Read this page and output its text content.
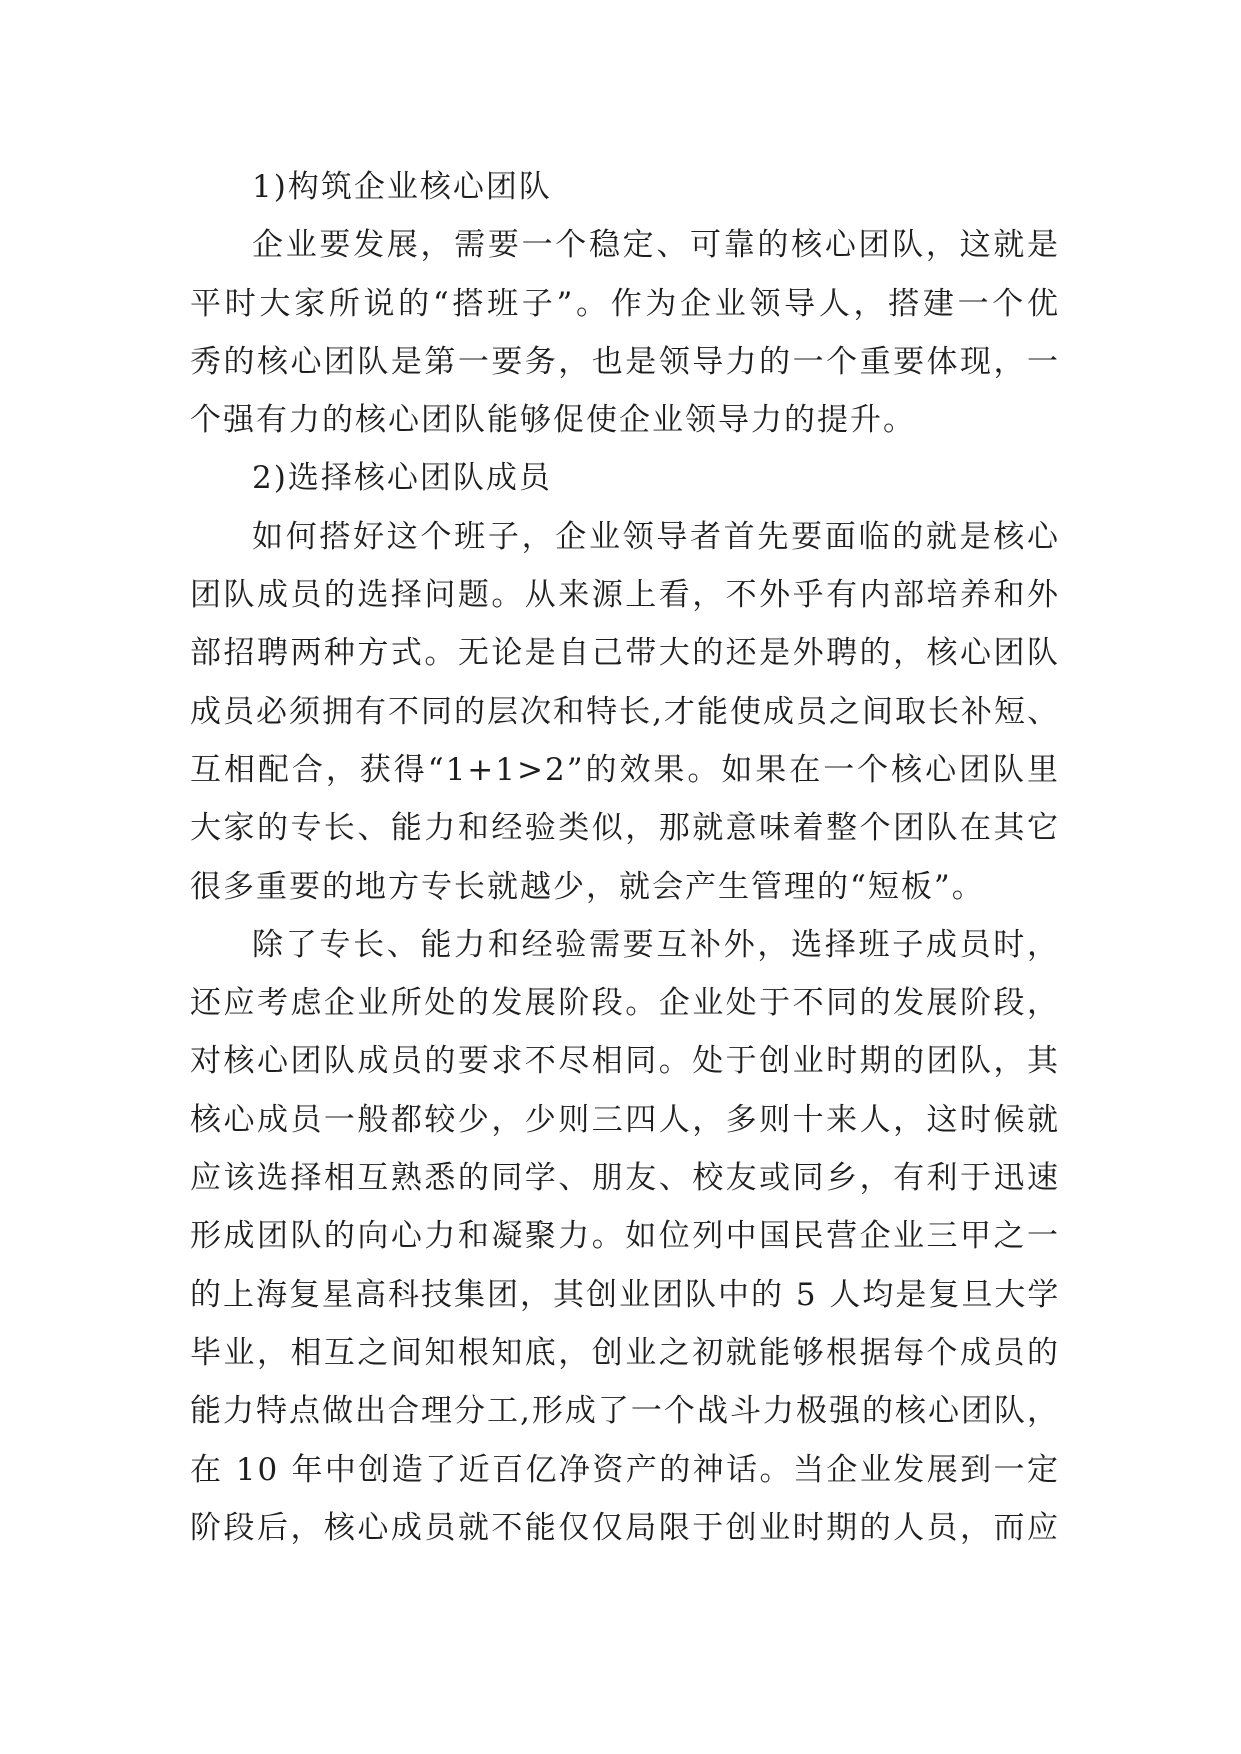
1)构筑企业核心团队
企业要发展，需要一个稳定、可靠的核心团队，这就是
平时大家所说的“搭班子”。作为企业领导人，搭建一个优
秀的核心团队是第一要务，也是领导力的一个重要体现，一
个强有力的核心团队能够促使企业领导力的提升。
2)选择核心团队成员
如何搭好这个班子，企业领导者首先要面临的就是核心
团队成员的选择问题。从来源上看，不外乎有内部培养和外
部招聘两种方式。无论是自己带大的还是外聘的，核心团队
成员必须拥有不同的层次和特长,才能使成员之间取长补短、
互相配合，获得“1+1>2”的效果。如果在一个核心团队里
大家的专长、能力和经验类似，那就意味着整个团队在其它
很多重要的地方专长就越少，就会产生管理的“短板”。
除了专长、能力和经验需要互补外，选择班子成员时，
还应考虑企业所处的发展阶段。企业处于不同的发展阶段，
对核心团队成员的要求不尽相同。处于创业时期的团队，其
核心成员一般都较少，少则三四人，多则十来人，这时候就
应该选择相互熟悉的同学、朋友、校友或同乡，有利于迅速
形成团队的向心力和凝聚力。如位列中国民营企业三甲之一
的上海复星高科技集团，其创业团队中的 5 人均是复旦大学
毕业，相互之间知根知底，创业之初就能够根据每个成员的
能力特点做出合理分工,形成了一个战斗力极强的核心团队，
在 10 年中创造了近百亿净资产的神话。当企业发展到一定
阶段后，核心成员就不能仅仅局限于创业时期的人员，而应
